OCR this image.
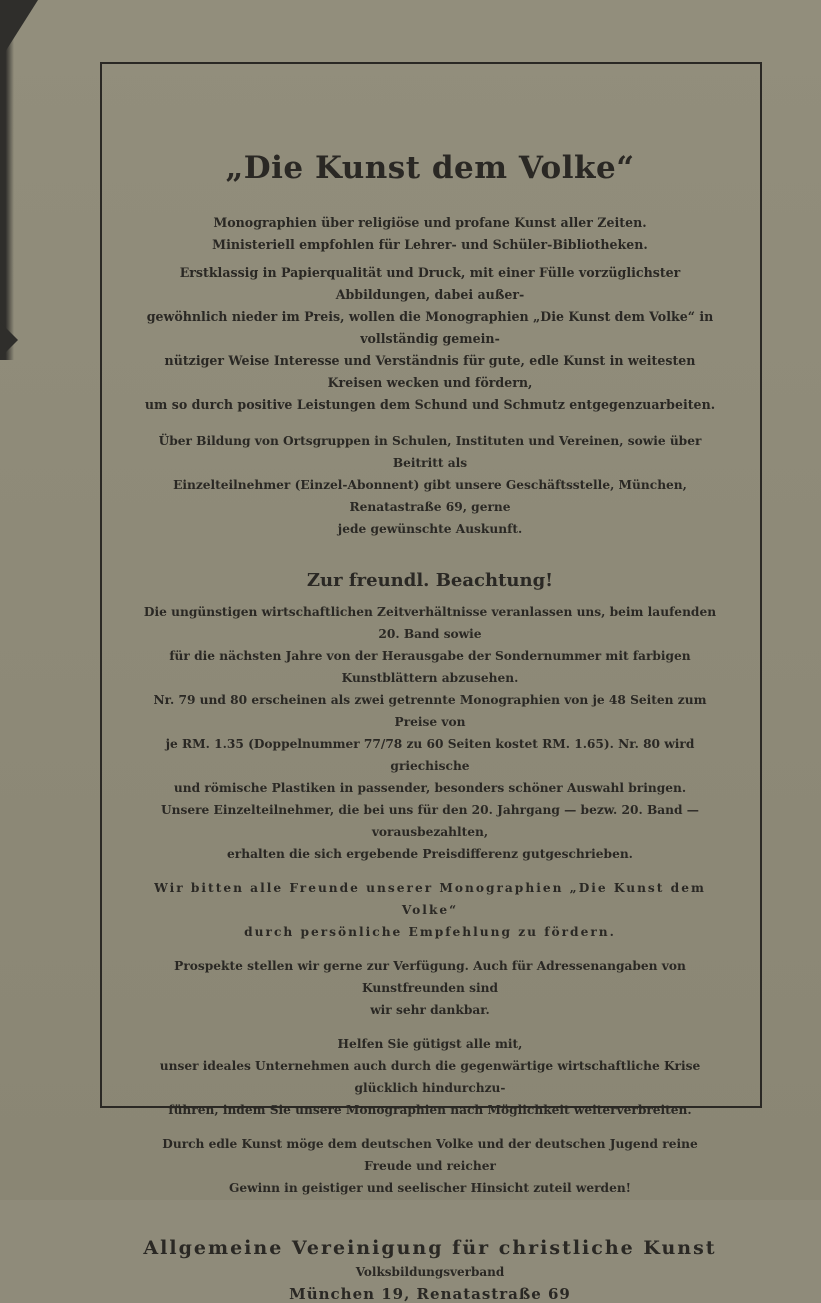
„Die Kunst dem Volke“

Monographien über religiöse und profane Kunst aller Zeiten.

Ministeriell empfohlen für Lehrer- und Schüler-Bibliotheken.

Erstklassig in Papierqualität und Druck, mit einer Fülle vorzüglichster Abbildungen, dabei außer-

gewöhnlich nieder im Preis, wollen die Monographien „Die Kunst dem Volke“ in vollständig gemein-

nütziger Weise Interesse und Verständnis für gute, edle Kunst in weitesten Kreisen wecken und fördern,

um so durch positive Leistungen dem Schund und Schmutz entgegenzuarbeiten.

Über Bildung von Ortsgruppen in Schulen, Instituten und Vereinen, sowie über Beitritt als

Einzelteilnehmer (Einzel-Abonnent) gibt unsere Geschäftsstelle, München, Renatastraße 69, gerne

jede gewünschte Auskunft.

Zur freundl. Beachtung!

Die ungünstigen wirtschaftlichen Zeitverhältnisse veranlassen uns, beim laufenden 20. Band sowie

für die nächsten Jahre von der Herausgabe der Sondernummer mit farbigen Kunstblättern abzusehen.

Nr. 79 und 80 erscheinen als zwei getrennte Monographien von je 48 Seiten zum Preise von

je RM. 1.35 (Doppelnummer 77/78 zu 60 Seiten kostet RM. 1.65). Nr. 80 wird griechische

und römische Plastiken in passender, besonders schöner Auswahl bringen.

Unsere Einzelteilnehmer, die bei uns für den 20. Jahrgang — bezw. 20. Band — vorausbezahlten,

erhalten die sich ergebende Preisdifferenz gutgeschrieben.

Wir bitten alle Freunde unserer Monographien „Die Kunst dem Volke“

durch persönliche Empfehlung zu fördern.

Prospekte stellen wir gerne zur Verfügung. Auch für Adressenangaben von Kunstfreunden sind

wir sehr dankbar.

Helfen Sie gütigst alle mit,

unser ideales Unternehmen auch durch die gegenwärtige wirtschaftliche Krise glücklich hindurchzu-

führen, indem Sie unsere Monographien nach Möglichkeit weiterverbreiten.

Durch edle Kunst möge dem deutschen Volke und der deutschen Jugend reine Freude und reicher

Gewinn in geistiger und seelischer Hinsicht zuteil werden!

Allgemeine Vereinigung für christliche Kunst
Volksbildungsverband
München 19, Renatastraße 69
